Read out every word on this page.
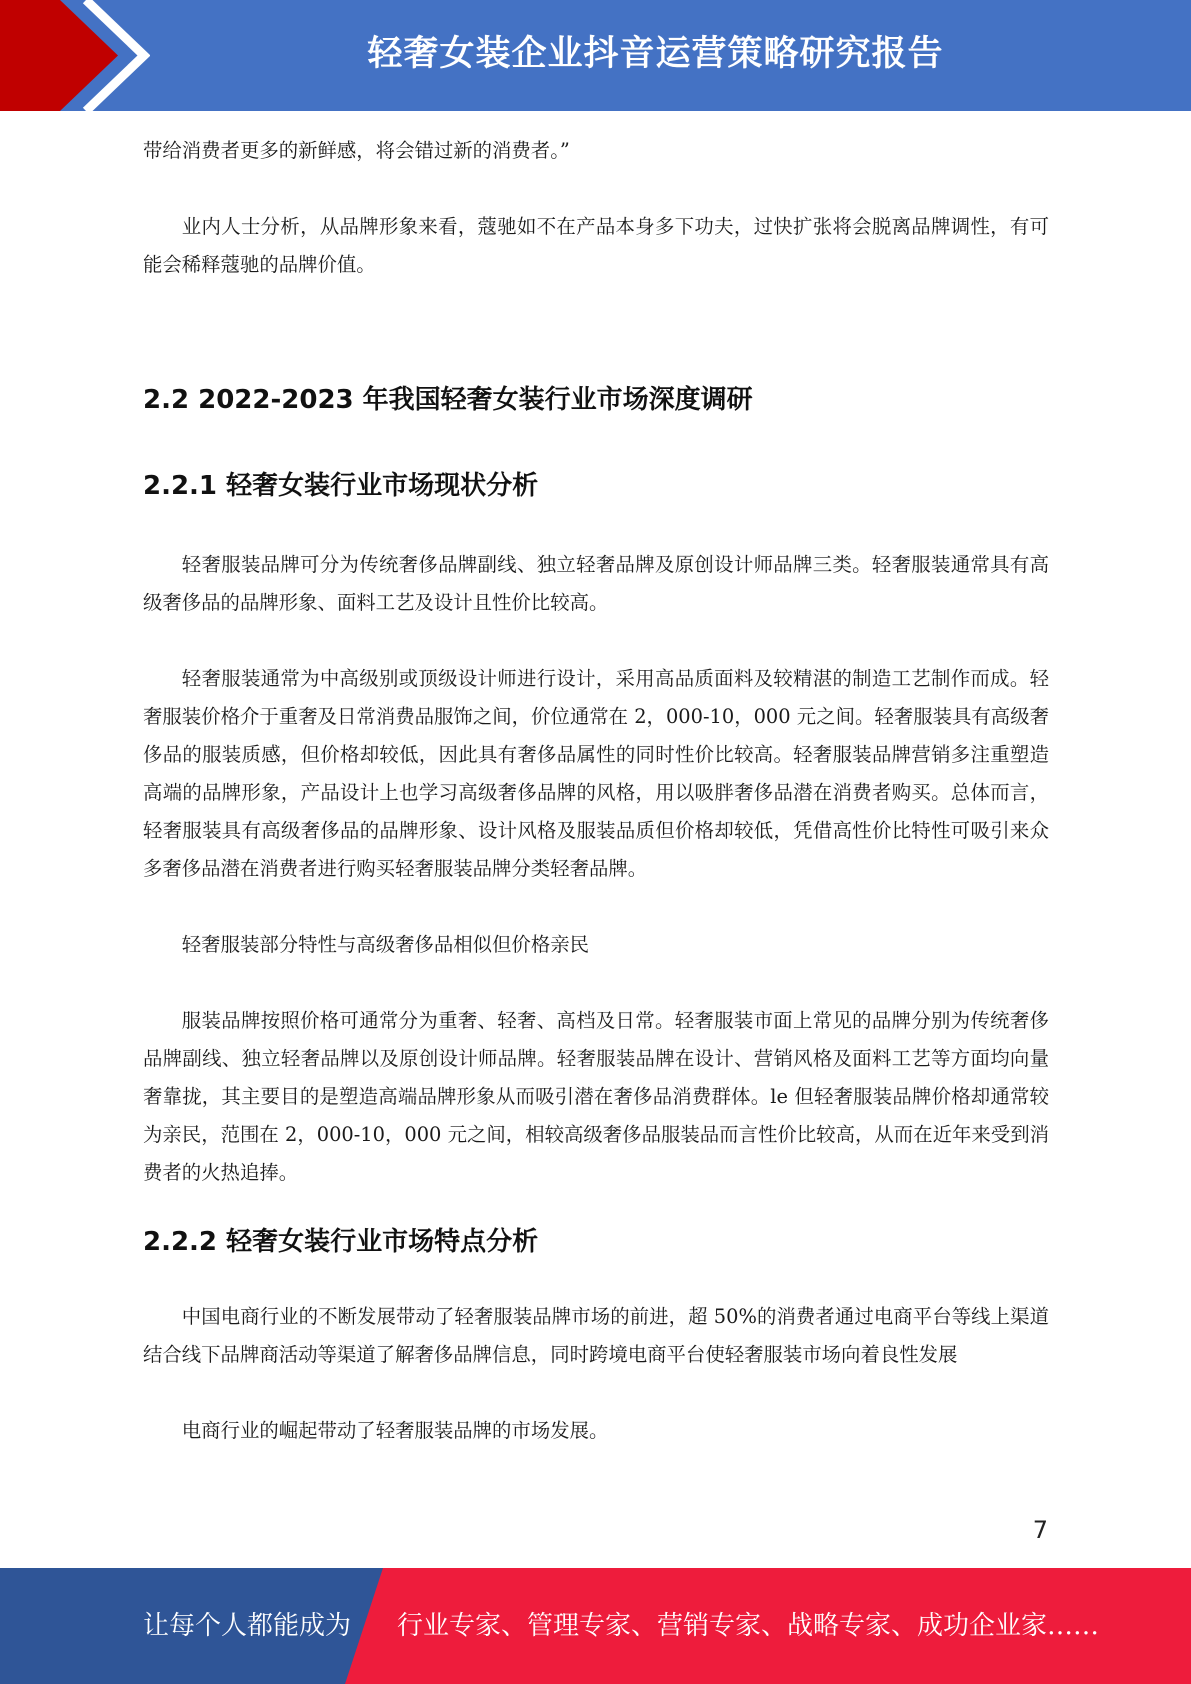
轻奢女装企业抖音运营策略研究报告

带给消费者更多的新鲜感，将会错过新的消费者。”

业内人士分析，从品牌形象来看，蔻驰如不在产品本身多下功夫，过快扩张将会脱离品牌调性，有可能会稀释蔻驰的品牌价值。

2.2 2022-2023 年我国轻奢女装行业市场深度调研
2.2.1 轻奢女装行业市场现状分析

轻奢服装品牌可分为传统奢侈品牌副线、独立轻奢品牌及原创设计师品牌三类。轻奢服装通常具有高级奢侈品的品牌形象、面料工艺及设计且性价比较高。

轻奢服装通常为中高级别或顶级设计师进行设计，采用高品质面料及较精湛的制造工艺制作而成。轻奢服装价格介于重奢及日常消费品服饰之间，价位通常在 2，000-10，000 元之间。轻奢服装具有高级奢侈品的服装质感，但价格却较低，因此具有奢侈品属性的同时性价比较高。轻奢服装品牌营销多注重塑造高端的品牌形象，产品设计上也学习高级奢侈品牌的风格，用以吸胖奢侈品潜在消费者购买。总体而言，轻奢服装具有高级奢侈品的品牌形象、设计风格及服装品质但价格却较低，凭借高性价比特性可吸引来众多奢侈品潜在消费者进行购买轻奢服装品牌分类轻奢品牌。

轻奢服装部分特性与高级奢侈品相似但价格亲民

服装品牌按照价格可通常分为重奢、轻奢、高档及日常。轻奢服装市面上常见的品牌分别为传统奢侈品牌副线、独立轻奢品牌以及原创设计师品牌。轻奢服装品牌在设计、营销风格及面料工艺等方面均向量奢靠拢，其主要目的是塑造高端品牌形象从而吸引潜在奢侈品消费群体。le 但轻奢服装品牌价格却通常较为亲民，范围在 2，000-10，000 元之间，相较高级奢侈品服装品而言性价比较高，从而在近年来受到消费者的火热追捧。

2.2.2 轻奢女装行业市场特点分析

中国电商行业的不断发展带动了轻奢服装品牌市场的前进，超 50%的消费者通过电商平台等线上渠道结合线下品牌商活动等渠道了解奢侈品牌信息，同时跨境电商平台使轻奢服装市场向着良性发展

电商行业的崛起带动了轻奢服装品牌的市场发展。

7
让每个人都能成为 行业专家、管理专家、营销专家、战略专家、成功企业家……
